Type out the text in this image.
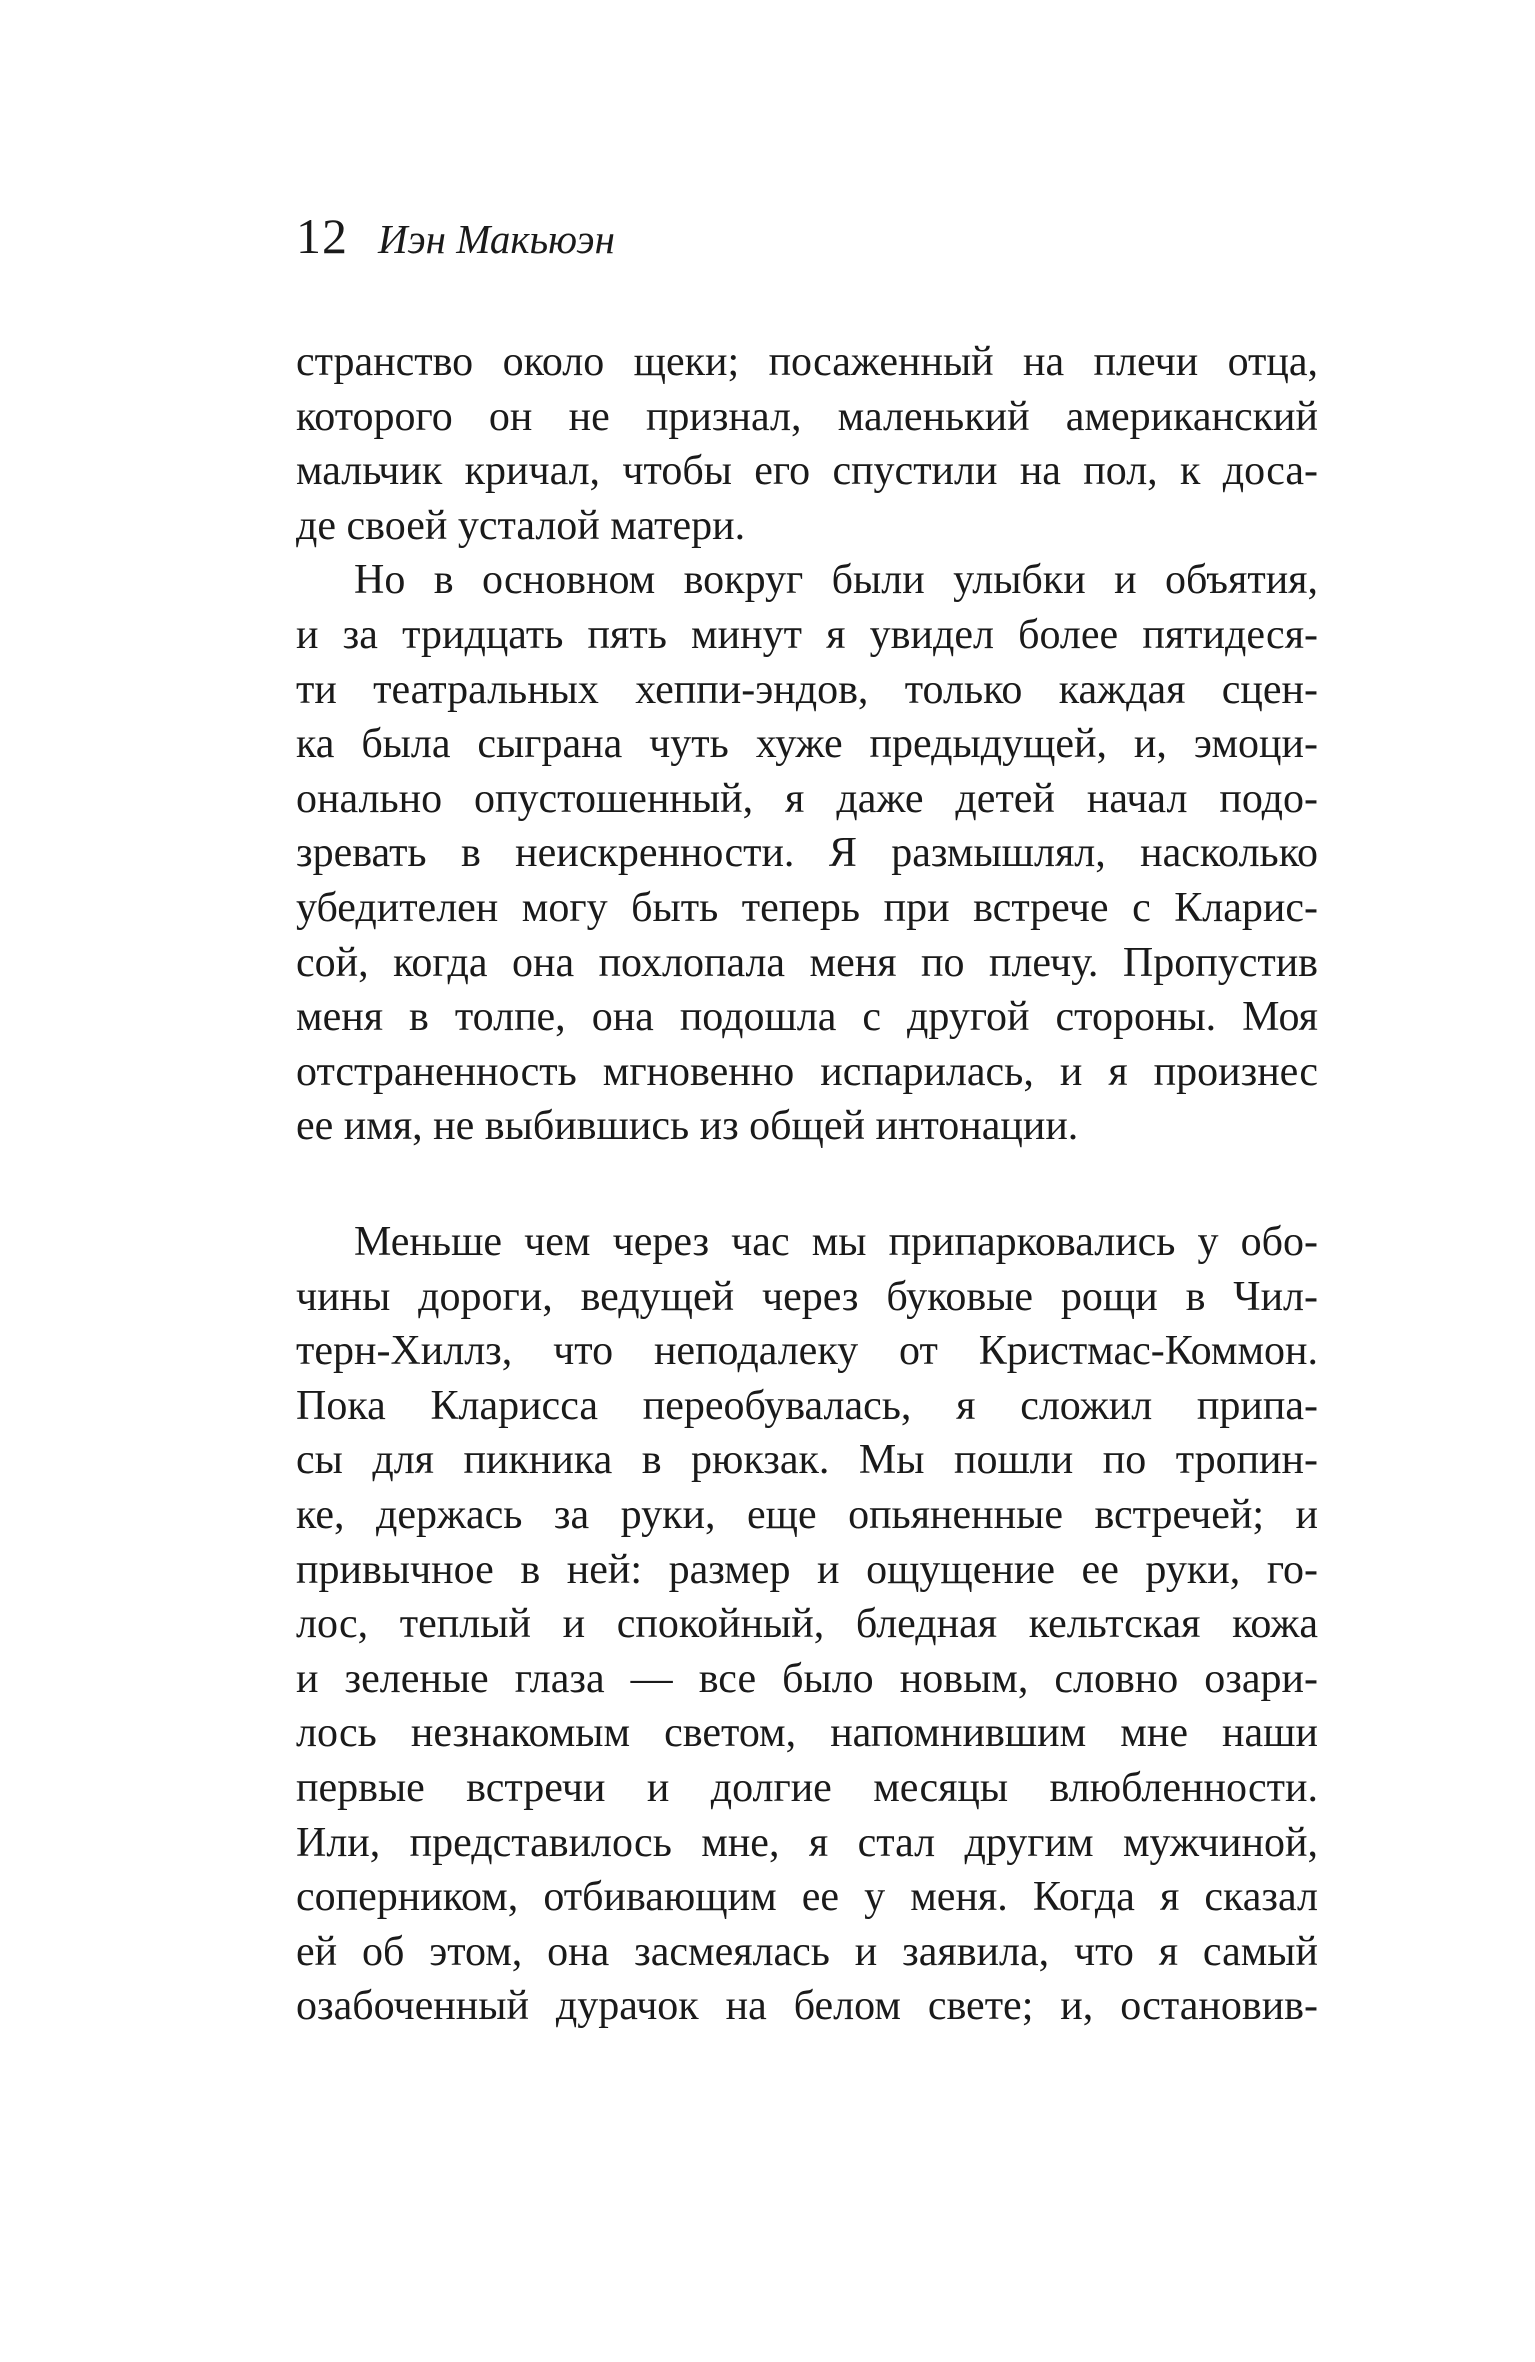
12 Иэн Макьюэн
странство около щеки; посаженный на плечи отца,
которого он не признал, маленький американский
мальчик кричал, чтобы его спустили на пол, к доса-
де своей усталой матери.
Но в основном вокруг были улыбки и объятия,
и за тридцать пять минут я увидел более пятидеся-
ти театральных хеппи-эндов, только каждая сцен-
ка была сыграна чуть хуже предыдущей, и, эмоци-
онально опустошенный, я даже детей начал подо-
зревать в неискренности. Я размышлял, насколько
убедителен могу быть теперь при встрече с Кларис-
сой, когда она похлопала меня по плечу. Пропустив
меня в толпе, она подошла с другой стороны. Моя
отстраненность мгновенно испарилась, и я произнес
ее имя, не выбившись из общей интонации.
Меньше чем через час мы припарковались у обо-
чины дороги, ведущей через буковые рощи в Чил-
терн-Хиллз, что неподалеку от Кристмас-Коммон.
Пока Кларисса переобувалась, я сложил припа-
сы для пикника в рюкзак. Мы пошли по тропин-
ке, держась за руки, еще опьяненные встречей; и
привычное в ней: размер и ощущение ее руки, го-
лос, теплый и спокойный, бледная кельтская кожа
и зеленые глаза — все было новым, словно озари-
лось незнакомым светом, напомнившим мне наши
первые встречи и долгие месяцы влюбленности.
Или, представилось мне, я стал другим мужчиной,
соперником, отбивающим ее у меня. Когда я сказал
ей об этом, она засмеялась и заявила, что я самый
озабоченный дурачок на белом свете; и, остановив-
